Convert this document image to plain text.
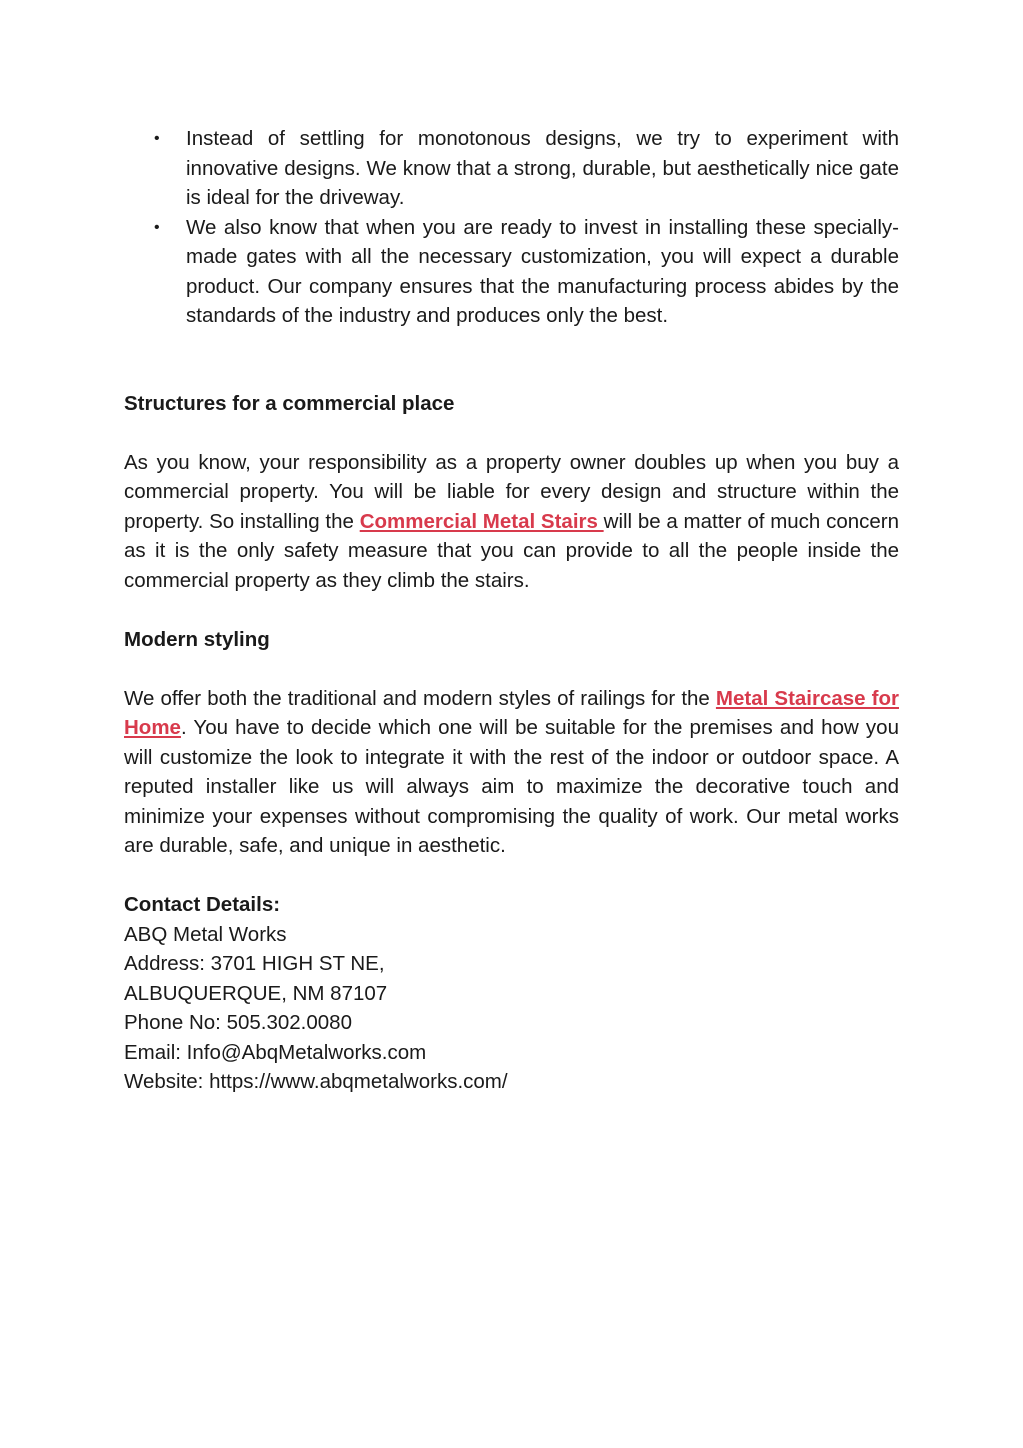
• Instead of settling for monotonous designs, we try to experiment with innovative designs. We know that a strong, durable, but aesthetically nice gate is ideal for the driveway.
• We also know that when you are ready to invest in installing these specially-made gates with all the necessary customization, you will expect a durable product. Our company ensures that the manufacturing process abides by the standards of the industry and produces only the best.

Structures for a commercial place

As you know, your responsibility as a property owner doubles up when you buy a commercial property. You will be liable for every design and structure within the property. So installing the Commercial Metal Stairs will be a matter of much concern as it is the only safety measure that you can provide to all the people inside the commercial property as they climb the stairs.

Modern styling

We offer both the traditional and modern styles of railings for the Metal Staircase for Home. You have to decide which one will be suitable for the premises and how you will customize the look to integrate it with the rest of the indoor or outdoor space. A reputed installer like us will always aim to maximize the decorative touch and minimize your expenses without compromising the quality of work. Our metal works are durable, safe, and unique in aesthetic.

Contact Details:

ABQ Metal Works

Address: 3701 HIGH ST NE,

ALBUQUERQUE, NM 87107

Phone No: 505.302.0080

Email: Info@AbqMetalworks.com

Website: https://www.abqmetalworks.com/
